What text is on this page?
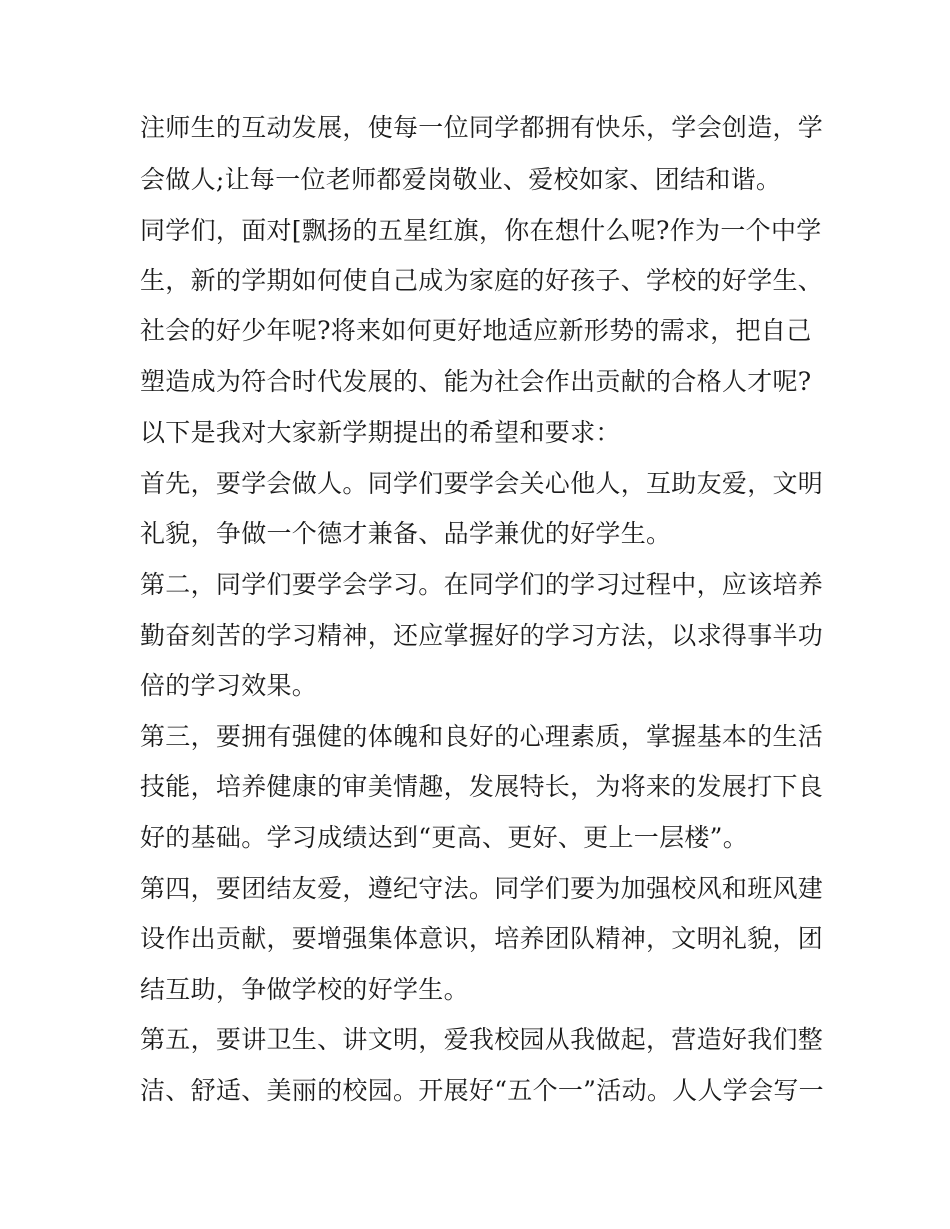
注师生的互动发展，使每一位同学都拥有快乐，学会创造，学
会做人;让每一位老师都爱岗敬业、爱校如家、团结和谐。
同学们，面对[飘扬的五星红旗，你在想什么呢?作为一个中学
生，新的学期如何使自己成为家庭的好孩子、学校的好学生、
社会的好少年呢?将来如何更好地适应新形势的需求，把自己
塑造成为符合时代发展的、能为社会作出贡献的合格人才呢?
以下是我对大家新学期提出的希望和要求：
首先，要学会做人。同学们要学会关心他人，互助友爱，文明
礼貌，争做一个德才兼备、品学兼优的好学生。
第二，同学们要学会学习。在同学们的学习过程中，应该培养
勤奋刻苦的学习精神，还应掌握好的学习方法，以求得事半功
倍的学习效果。
第三，要拥有强健的体魄和良好的心理素质，掌握基本的生活
技能，培养健康的审美情趣，发展特长，为将来的发展打下良
好的基础。学习成绩达到“更高、更好、更上一层楼”。
第四，要团结友爱，遵纪守法。同学们要为加强校风和班风建
设作出贡献，要增强集体意识，培养团队精神，文明礼貌，团
结互助，争做学校的好学生。
第五，要讲卫生、讲文明，爱我校园从我做起，营造好我们整
洁、舒适、美丽的校园。开展好“五个一”活动。人人学会写一
